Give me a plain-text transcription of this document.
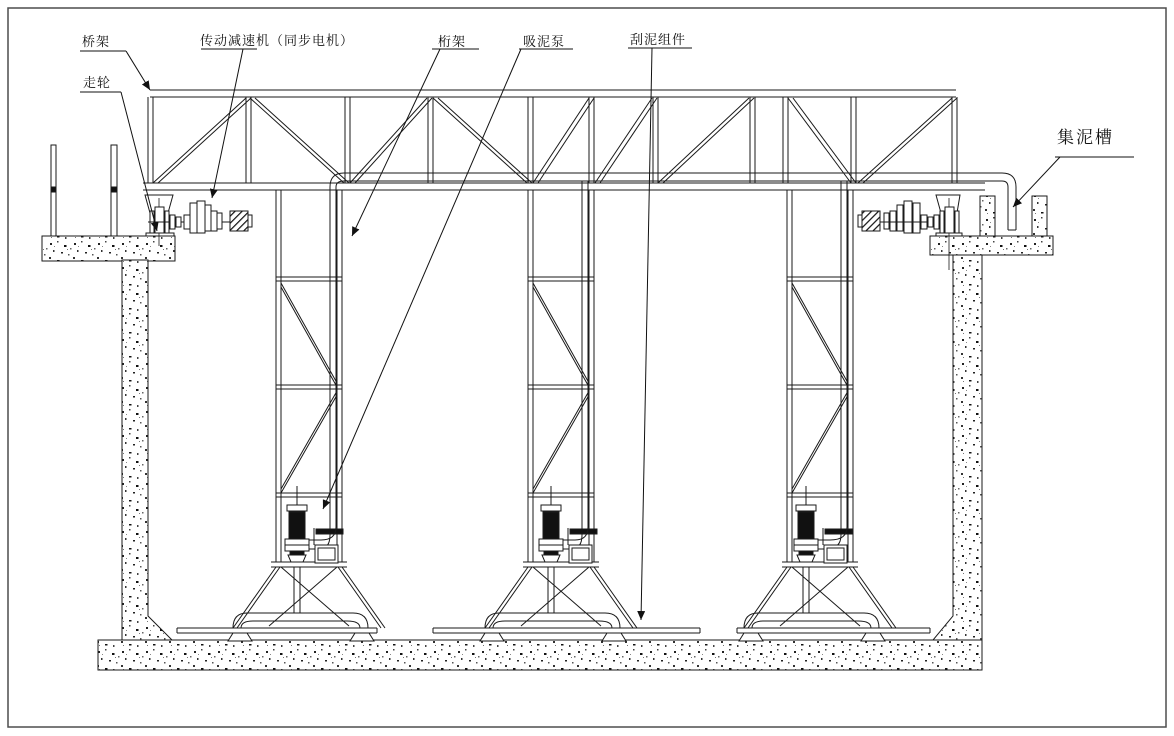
桥架
走轮
传动减速机（同步电机）	桁架	吸泥泵	刮泥组件
集泥槽
